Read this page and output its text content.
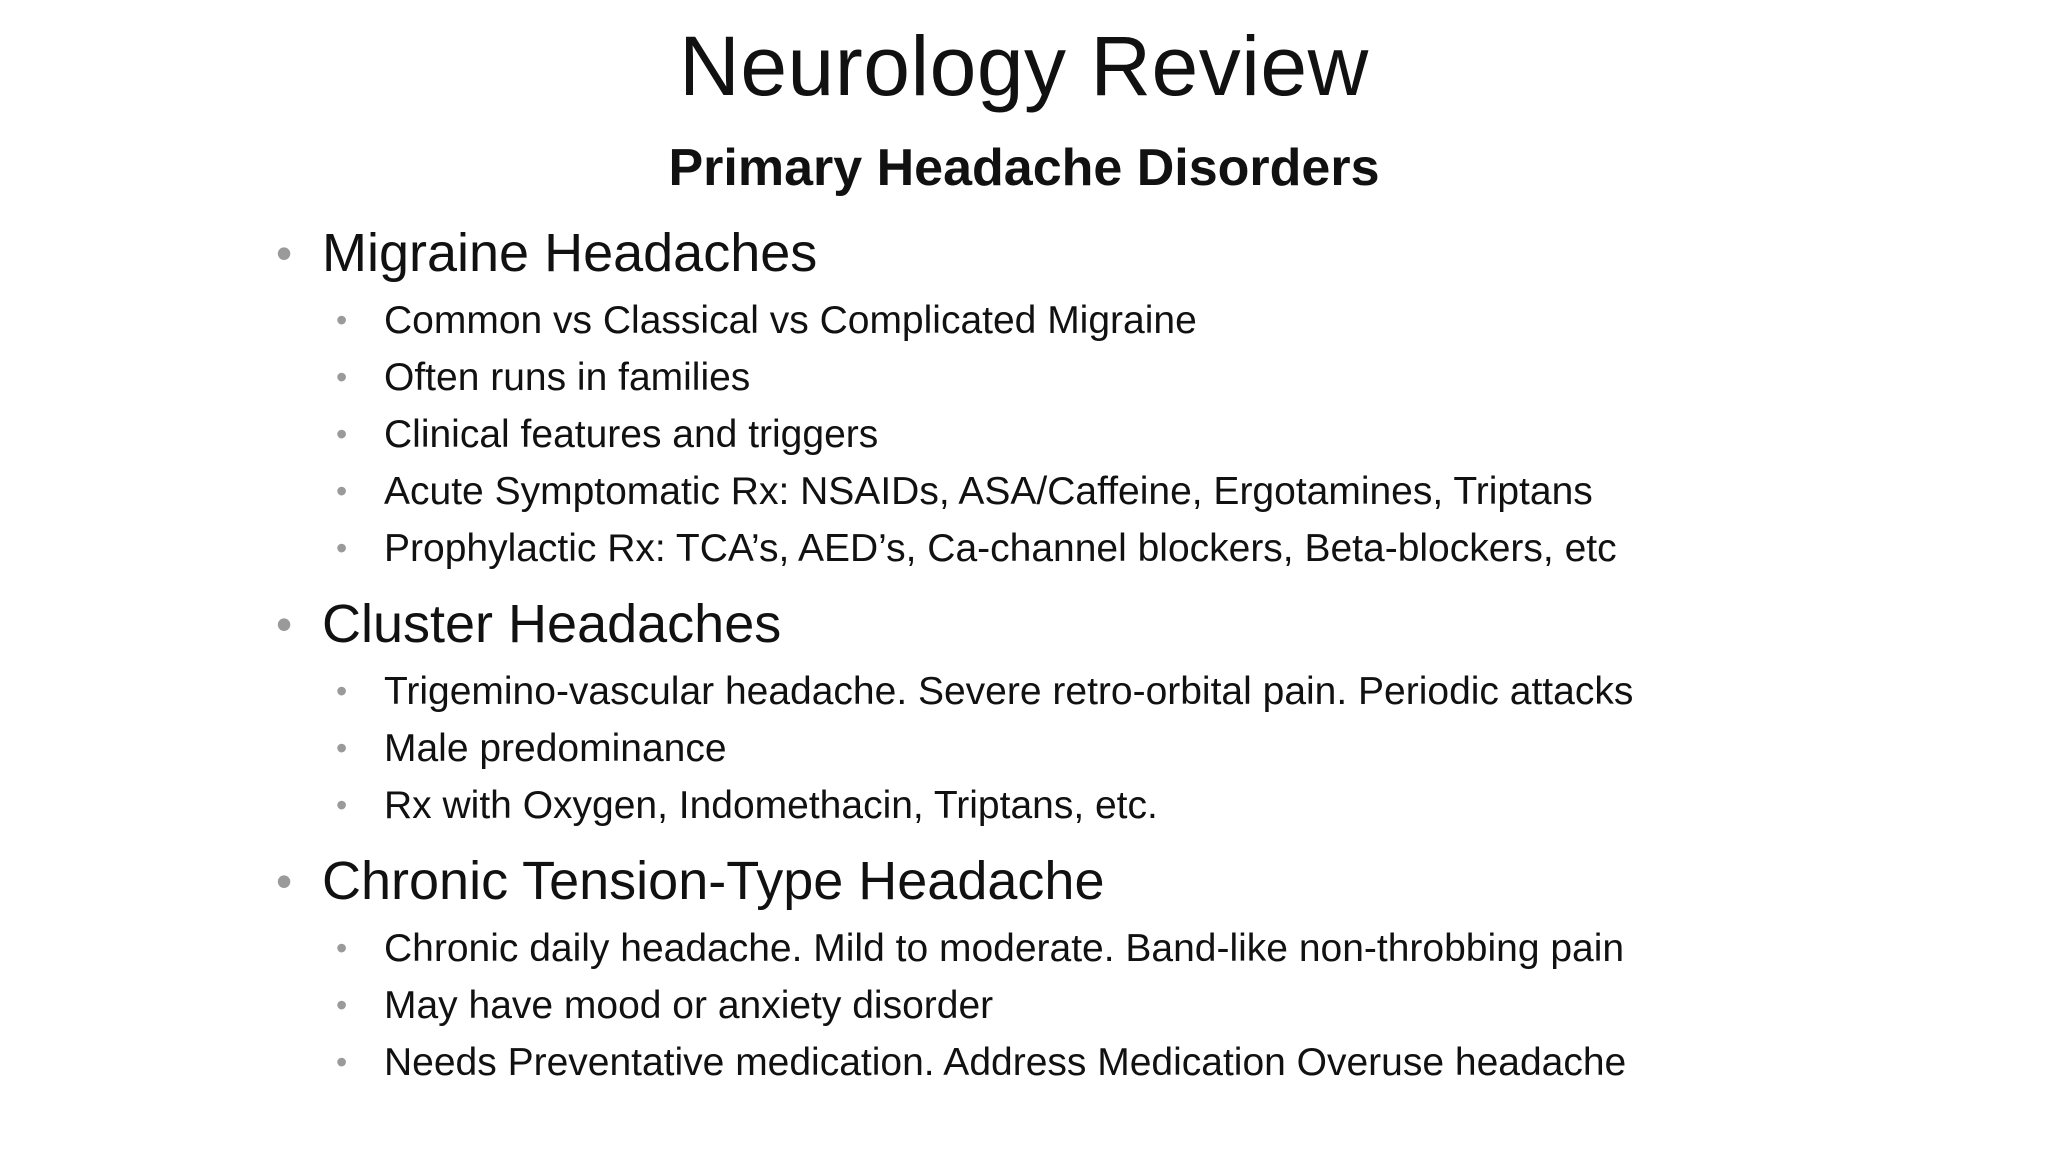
Neurology Review
Primary Headache Disorders
• Migraine Headaches
• Common vs Classical vs Complicated Migraine
• Often runs in families
• Clinical features and triggers
• Acute Symptomatic Rx: NSAIDs, ASA/Caffeine, Ergotamines, Triptans
• Prophylactic Rx: TCA’s, AED’s, Ca-channel blockers, Beta-blockers, etc
• Cluster Headaches
• Trigemino-vascular headache. Severe retro-orbital pain. Periodic attacks
• Male predominance
• Rx with Oxygen, Indomethacin, Triptans, etc.
• Chronic Tension-Type Headache
• Chronic daily headache. Mild to moderate. Band-like non-throbbing pain
• May have mood or anxiety disorder
• Needs Preventative medication. Address Medication Overuse headache
